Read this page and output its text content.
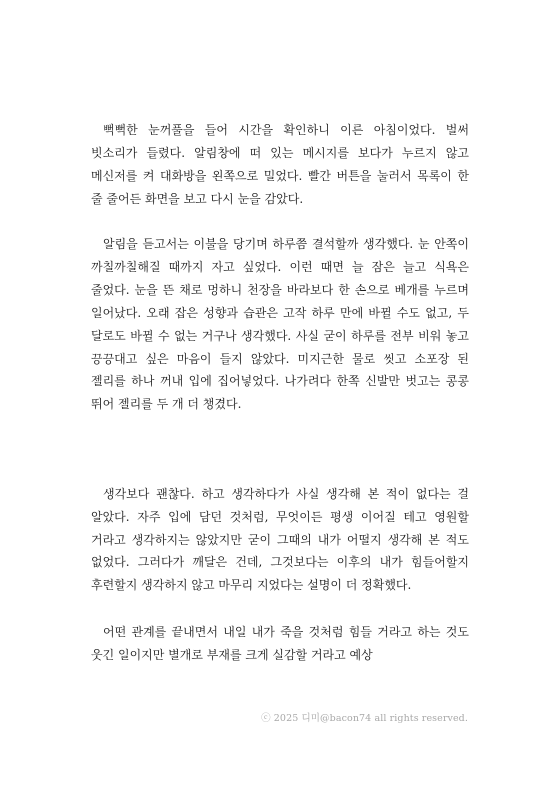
뻑뻑한 눈꺼풀을 들어 시간을 확인하니 이른 아침이었다. 벌써 빗소리가 들렸다. 알림창에 떠 있는 메시지를 보다가 누르지 않고 메신저를 켜 대화방을 왼쪽으로 밀었다. 빨간 버튼을 눌러서 목록이 한 줄 줄어든 화면을 보고 다시 눈을 감았다.

알림을 듣고서는 이불을 당기며 하루쯤 결석할까 생각했다. 눈 안쪽이 까칠까칠해질 때까지 자고 싶었다. 이런 때면 늘 잠은 늘고 식욕은 줄었다. 눈을 뜬 채로 멍하니 천장을 바라보다 한 손으로 베개를 누르며 일어났다. 오래 잡은 성향과 습관은 고작 하루 만에 바뀔 수도 없고, 두 달로도 바뀔 수 없는 거구나 생각했다. 사실 굳이 하루를 전부 비워 놓고 끙끙대고 싶은 마음이 들지 않았다. 미지근한 물로 씻고 소포장 된 젤리를 하나 꺼내 입에 집어넣었다. 나가려다 한쪽 신발만 벗고는 콩콩 뛰어 젤리를 두 개 더 챙겼다.

생각보다 괜찮다. 하고 생각하다가 사실 생각해 본 적이 없다는 걸 알았다. 자주 입에 담던 것처럼, 무엇이든 평생 이어질 테고 영원할 거라고 생각하지는 않았지만 굳이 그때의 내가 어떨지 생각해 본 적도 없었다. 그러다가 깨달은 건데, 그것보다는 이후의 내가 힘들어할지 후련할지 생각하지 않고 마무리 지었다는 설명이 더 정확했다.

어떤 관계를 끝내면서 내일 내가 죽을 것처럼 힘들 거라고 하는 것도 웃긴 일이지만 별개로 부재를 크게 실감할 거라고 예상

ⓒ 2025 디미@bacon74 all rights reserved.
